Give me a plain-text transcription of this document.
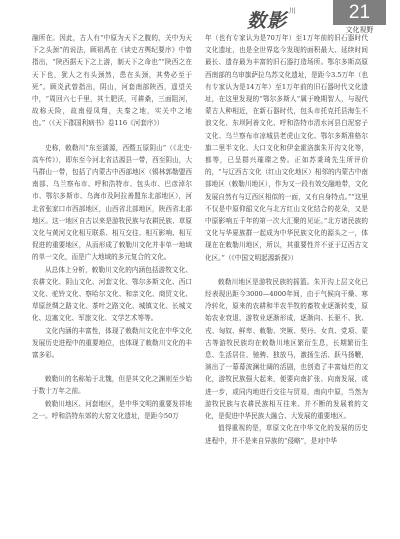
数影 $^川$	21
文化视野

融所在。因此，古人有“中原为天下之腹的，关中为天下之头颈”的说法，顾祖禹在《读史方舆纪要序》中曾指出，“陕西据天下之上游，制天下之命也”“陕西之在天下也，犹人之有头颈然，患在头颈，其势必至于死”。顾炎武曾指出，阴山，河套南部陕西，遥望关中，“周回六七千里，其土肥沃，可耕桑，三面阻河，故称天险，故南侵凤翔，夫秦之地，实关中之地也。”（《天下郡国利病书》卷116《河套序》）

史称，敕勒川“东至濡源，西暨五原阴山”（《北史·高车传》），即东至今河北省沽源县一带，西至阴山，大马群山一带，包括了内蒙古中西部地区（锡林郭勒盟西南部、乌兰察布市、呼和浩特市、包头市、巴彦淖尔市、鄂尔多斯市、乌海市及阿拉善盟东北部地区），河北省张家口市西部地区，山西省北部地区，陕西省北部地区。这一地区自古以来是游牧民族与农耕民族、草原文化与黄河文化相互联系、相互交往、相互影响、相互促进的重要地区，从而形成了敕勒川文化并非单一地域的单一文化，而是广大地域的多元复合的文化。

从总体上分析，敕勒川文化的内涵包括游牧文化、农耕文化、阴山文化、河套文化、鄂尔多斯文化、西口文化、驼铃文化、察哈尔文化、和亲文化、商贸文化、草原丝绸之路文化、茶叶之路文化、城镇文化、长城文化、边塞文化、军旅文化、文学艺术等等。

文化内涵的丰富性，体现了敕勒川文化在中华文化发展历史进程中的重要地位，也体现了敕勒川文化的丰富多彩。

敕勒川的名称始于北魏，但是其文化之渊则至少始于数十万年之前。

敕勒川地区、河套地区，是中华文明的重要发祥地之一。呼和浩特东郊的大窑文化遗址，是距今50万

年（也有专家认为是70万年）至1万年前的旧石器时代文化遗址，也是全世界迄今发现的面积最大、延续时间最长、遗存最为丰富的旧石器打造场所。鄂尔多斯高原西南部的乌审旗萨拉乌苏文化遗址，是距今3.5万年（也有专家认为是14万年）至1万年前的旧石器时代文化遗址，在这里发现的“鄂尔多斯人”属于晚期智人，与现代蒙古人种相近，在新石器时代，包头市托克托县海生不浪文化、东坝阿善文化、呼和浩特市清水河县白泥窑子文化、乌兰察布市凉城县老虎山文化、鄂尔多斯准格尔旗二里半文化、大口文化和伊金霍洛旗朱开沟文化等，都等，已呈群兴璀璨之势。正如苏秉琦先生所评价的，“与辽西古文化（红山文化地区）相邻的内蒙古中南部地区（敕勒川地区），作为又一段有效交融地带，文化发展自然有与辽西区相似的一面，又有自身特点。”“这里不仅是中原仰韶文化与北方红山文化结合的花朵，又是中原影响五千年的第一次大汇聚的见证。”北方诸民族的文化与华夏族群一起成为中华民族文化的源头之一，体现在在敕勒川地区，所以，其重要性并不亚于辽西古文化区。”（《中国文明起源新探》）

敕勒川地区是游牧民族的摇篮。朱开沟上层文化已经表现出距今3000—4000年间，由于气候向干燥、寒冷转化，原来的农耕和半农半牧的畜牧业逐渐转变，原始农业衰退，游牧业逐渐形成，逐渐向、长驱不、狄、戎、匈奴、鲜卑、敕勒、突厥、契丹、女真、党项、蒙古等游牧民族均在敕勒川地区繁衍生息，长期繁衍生息、生活居住、驰骋、独放马，激扬生活、跃马扬鞭，演出了一幕幕波澜壮阔的活剧，也创造了丰富灿烂的文化，游牧民族强大起来，便要向南扩张、向南发展，或进一步，或同内地进行交往与贸易，南向中原，当然为游牧民族与农耕民族相互往来、并不断的发展着的文化，是促进中华民族大融合、大发展的重要地区。

值得重视的是，草原文化在中华文化的发展的历史进程中，并不是来自异族的“侵略”，是对中华
